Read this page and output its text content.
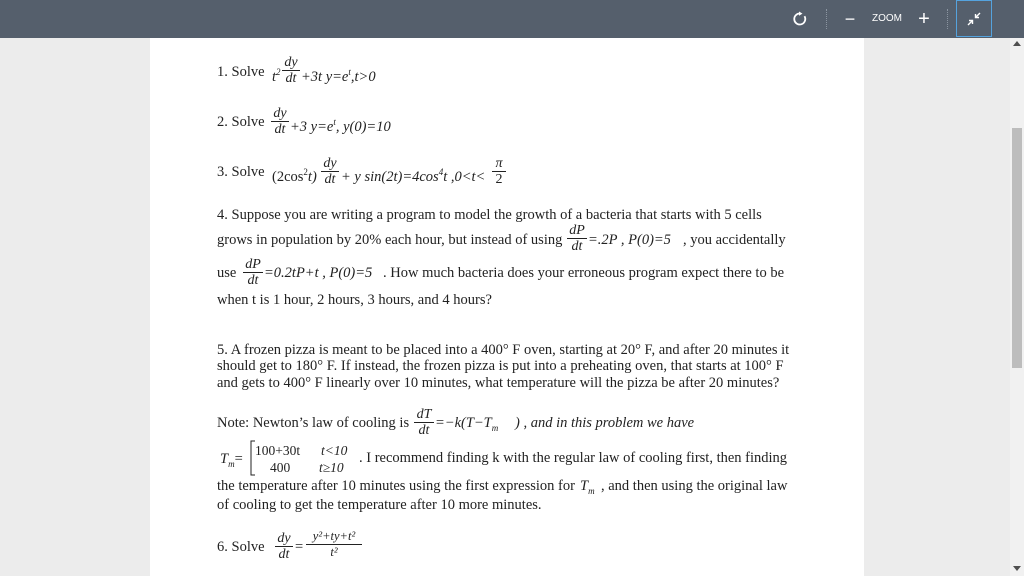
−	ZOOM +
1. Solve $t^2 \frac{dy}{dt} +3t$ $y=e^t,t>0$
2. Solve $\frac{dy}{dt} +3$ $y=e^t$, y(0)=10
3. Solve $(2\cos^2t) \frac{dy}{dt} + y$ $\sin(2t)=4\cos^4t$ $,0<t< \frac{\pi}{2}$
4. Suppose you are writing a program to model the growth of a bacteria that starts with 5 cells
grows in population by 20% each hour, but instead of using $\frac{dP}{dt} =.2P$ , P(0)=5 , you accidentally
use $\frac{dP}{dt} =0.2tP+t$ , P(0)=5 . How much bacteria does your erroneous program expect there to be
when t is 1 hour, 2 hours, 3 hours, and 4 hours?
5. A frozen pizza is meant to be placed into a 400° F oven, starting at 20° F, and after 20 minutes it
should get to 180° F. If instead, the frozen pizza is put into a preheating oven, that starts at 100° F
and gets to 400° F linearly over 10 minutes, what temperature will the pizza be after 20 minutes?
Note: Newton’s law of cooling is $\frac{dT}{dt} =-k(T-T_m$ ) , and in this problem we have
$T_m=$
100+30t t<10
400 t≥10
. I recommend finding k with the regular law of cooling first, then finding
the temperature after 10 minutes using the first expression for $T_m$ , and then using the original law
of cooling to get the temperature after 10 more minutes.
6. Solve $\frac{dy}{dt} = \frac{\text{y²+ty+t²}}{\text{t²}}$
